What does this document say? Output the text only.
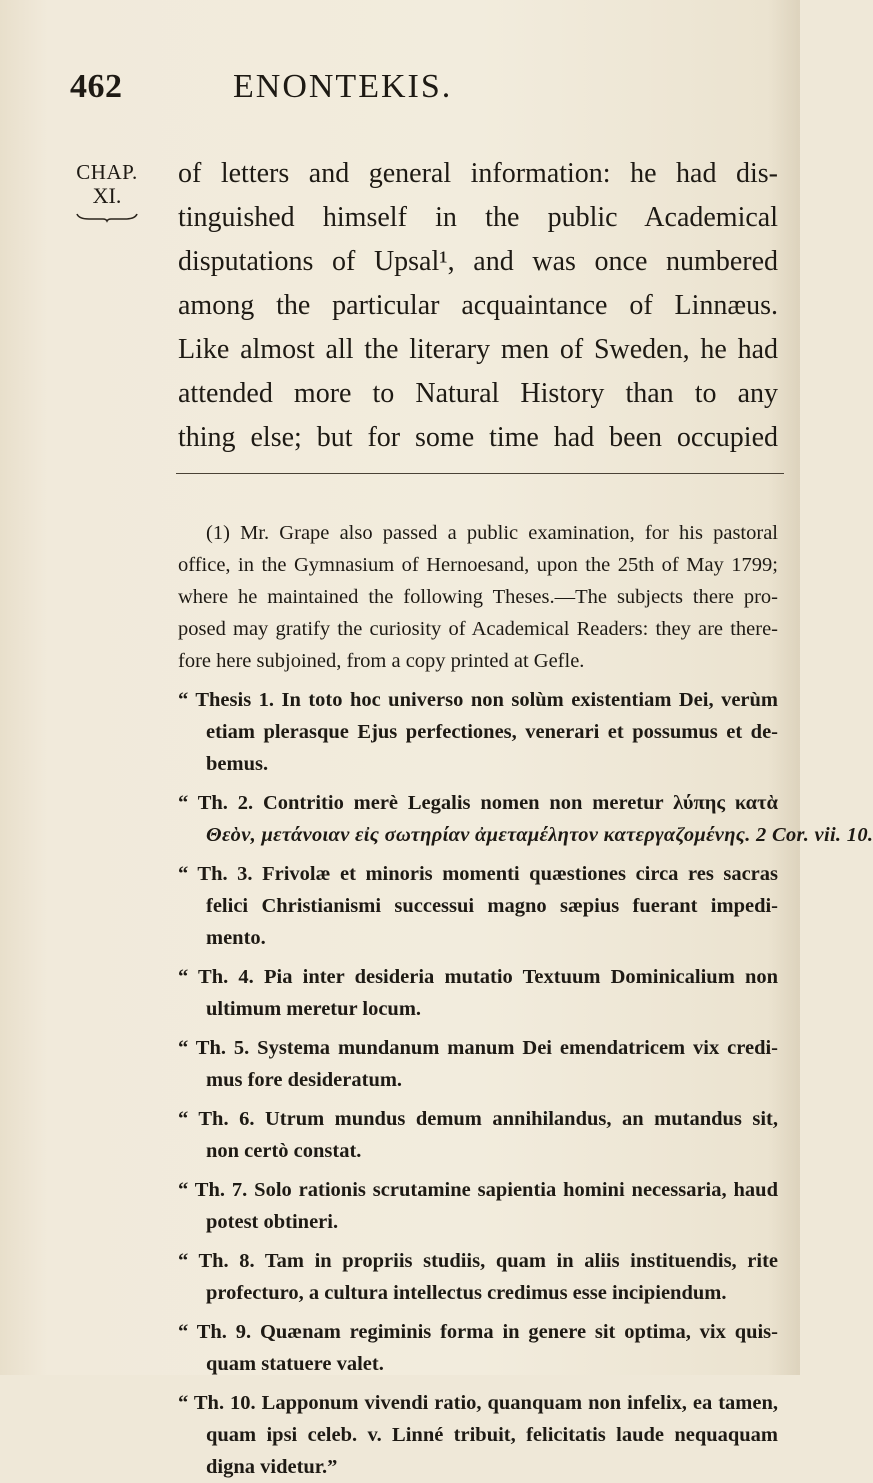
462	ENONTEKIS.
CHAP.
XI.
of letters and general information: he had dis-
tinguished himself in the public Academical
disputations of Upsal¹, and was once numbered
among the particular acquaintance of Linnæus.
Like almost all the literary men of Sweden, he had
attended more to Natural History than to any
thing else; but for some time had been occupied
(1) Mr. Grape also passed a public examination, for his pastoral
office, in the Gymnasium of Hernoesand, upon the 25th of May 1799;
where he maintained the following Theses.—The subjects there pro-
posed may gratify the curiosity of Academical Readers: they are there-
fore here subjoined, from a copy printed at Gefle.
“ Thesis 1. In toto hoc universo non solùm existentiam Dei, verùm
etiam plerasque Ejus perfectiones, venerari et possumus et de-
bemus.
“ Th. 2. Contritio merè Legalis nomen non meretur λύπης κατὰ
Θεὸν, μετάνοιαν εἰς σωτηρίαν ἀμεταμέλητον κατεργαζομένης. 2 Cor. vii. 10.
“ Th. 3. Frivolæ et minoris momenti quæstiones circa res sacras
felici Christianismi successui magno sæpius fuerant impedi-
mento.
“ Th. 4. Pia inter desideria mutatio Textuum Dominicalium non
ultimum meretur locum.
“ Th. 5. Systema mundanum manum Dei emendatricem vix credi-
mus fore desideratum.
“ Th. 6. Utrum mundus demum annihilandus, an mutandus sit,
non certò constat.
“ Th. 7. Solo rationis scrutamine sapientia homini necessaria, haud
potest obtineri.
“ Th. 8. Tam in propriis studiis, quam in aliis instituendis, rite
profecturo, a cultura intellectus credimus esse incipiendum.
“ Th. 9. Quænam regiminis forma in genere sit optima, vix quis-
quam statuere valet.
“ Th. 10. Lapponum vivendi ratio, quanquam non infelix, ea tamen,
quam ipsi celeb. v. Linné tribuit, felicitatis laude nequaquam
digna videtur.”
